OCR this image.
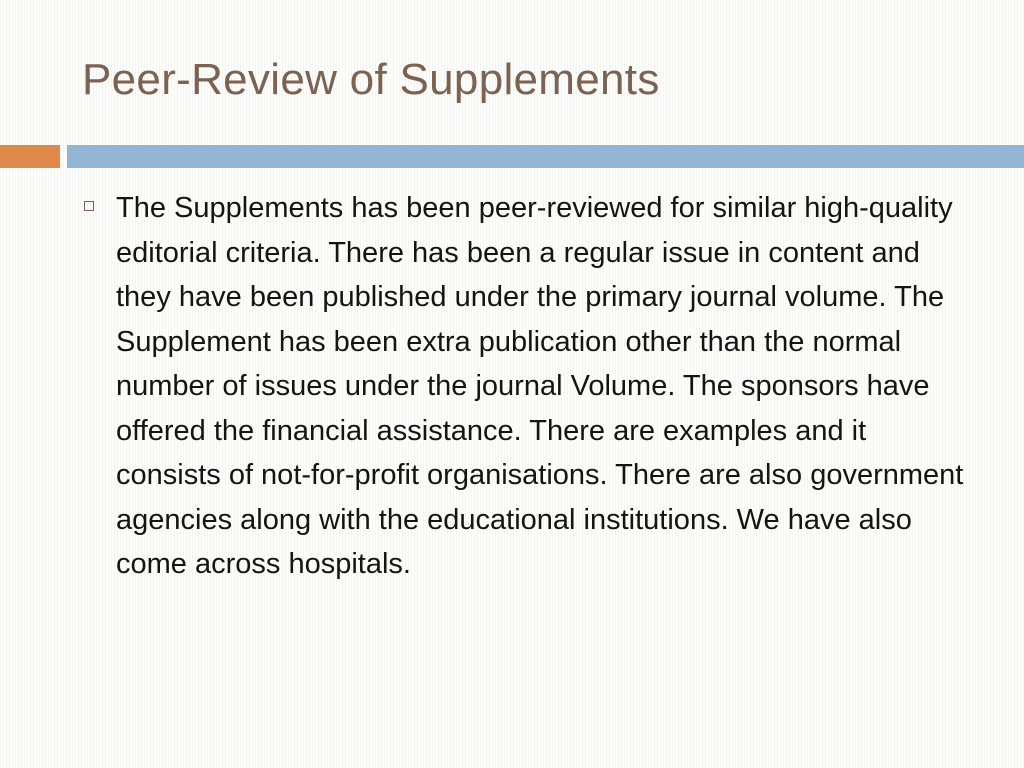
Peer-Review of Supplements

The Supplements has been peer-reviewed for similar high-quality editorial criteria. There has been a regular issue in content and they have been published under the primary journal volume. The Supplement has been extra publication other than the normal number of issues under the journal Volume. The sponsors have offered the financial assistance. There are examples and it consists of not-for-profit organisations. There are also government agencies along with the educational institutions. We have also come across hospitals.
